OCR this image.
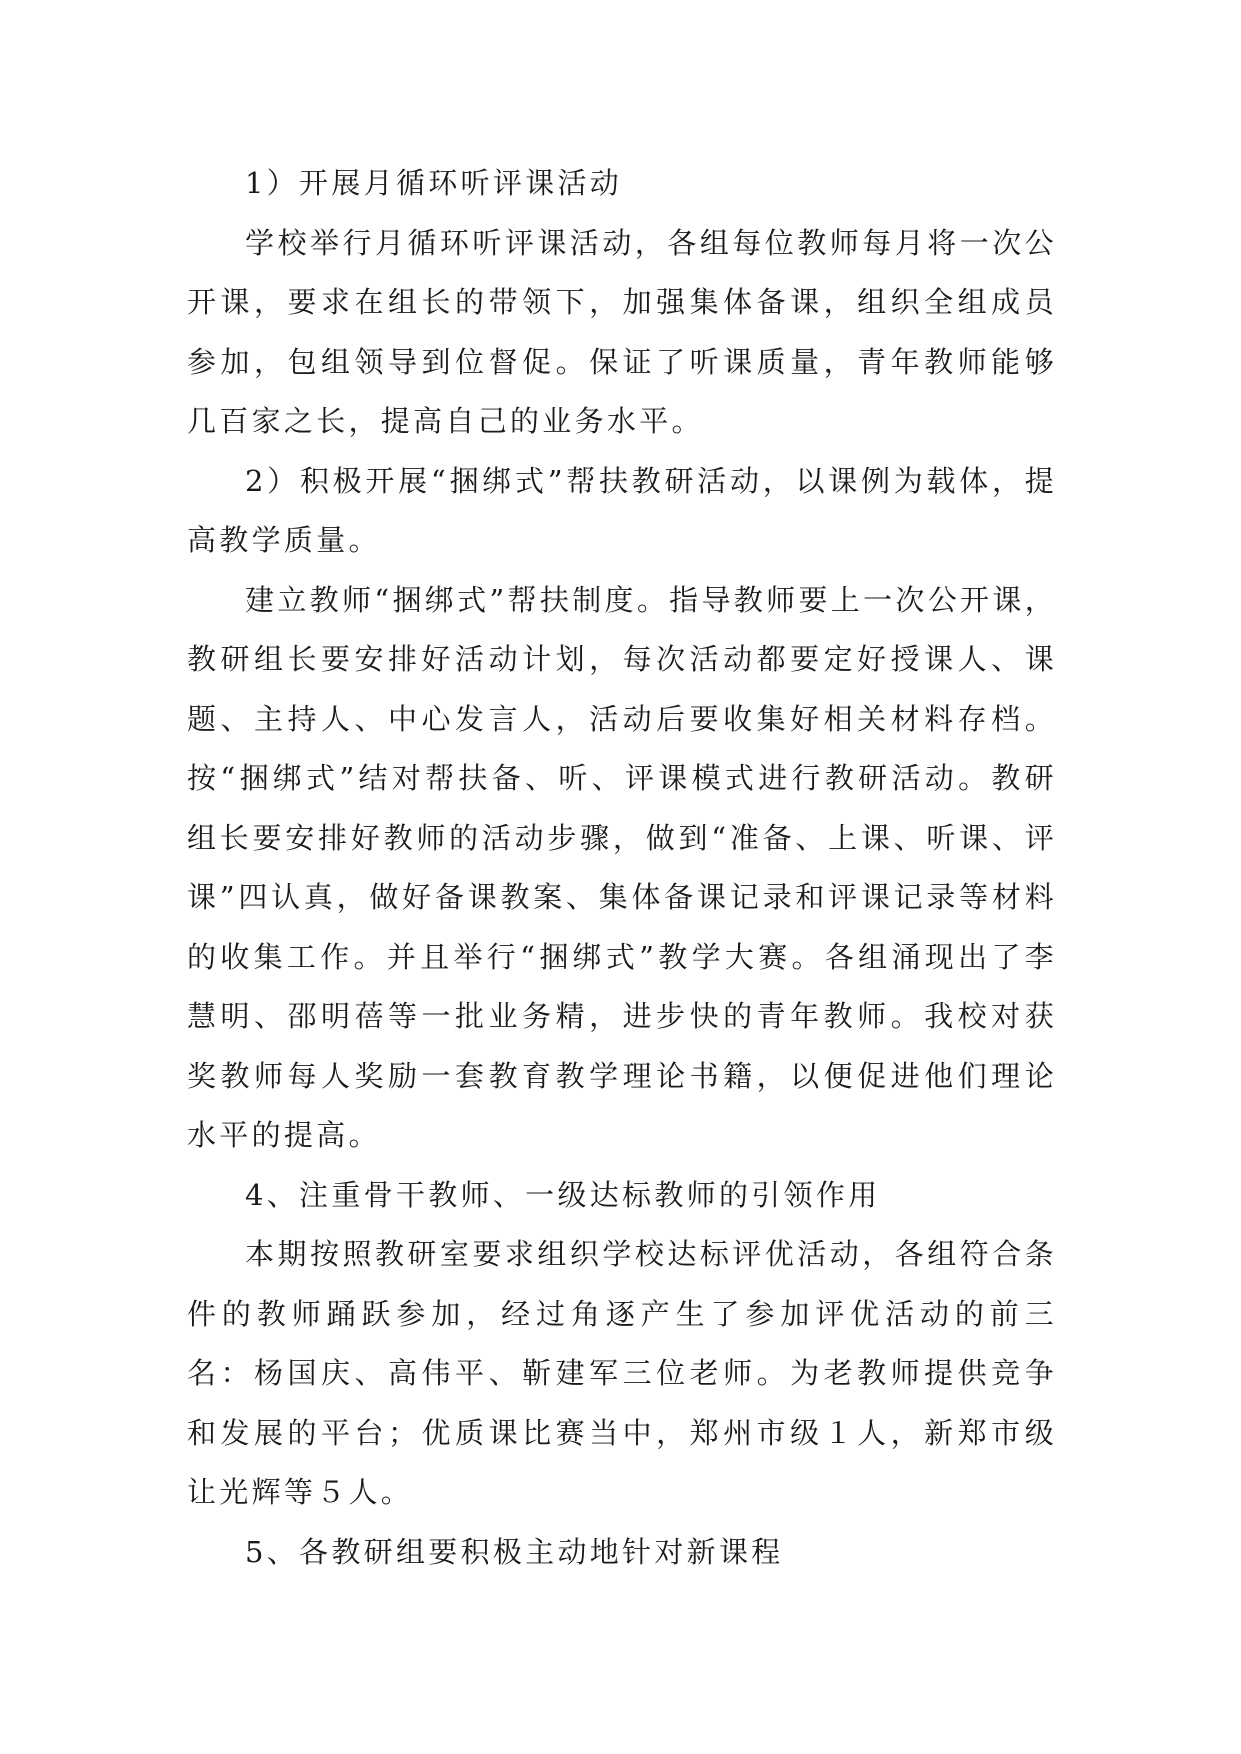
1）开展月循环听评课活动

学校举行月循环听评课活动，各组每位教师每月将一次公开课，要求在组长的带领下，加强集体备课，组织全组成员参加，包组领导到位督促。保证了听课质量，青年教师能够几百家之长，提高自己的业务水平。

2）积极开展“捆绑式”帮扶教研活动，以课例为载体，提高教学质量。

建立教师“捆绑式”帮扶制度。指导教师要上一次公开课，教研组长要安排好活动计划，每次活动都要定好授课人、课题、主持人、中心发言人，活动后要收集好相关材料存档。按“捆绑式”结对帮扶备、听、评课模式进行教研活动。教研组长要安排好教师的活动步骤，做到“准备、上课、听课、评课”四认真，做好备课教案、集体备课记录和评课记录等材料的收集工作。并且举行“捆绑式”教学大赛。各组涌现出了李慧明、邵明蓓等一批业务精，进步快的青年教师。我校对获奖教师每人奖励一套教育教学理论书籍，以便促进他们理论水平的提高。

4、注重骨干教师、一级达标教师的引领作用

本期按照教研室要求组织学校达标评优活动，各组符合条件的教师踊跃参加，经过角逐产生了参加评优活动的前三名：杨国庆、高伟平、靳建军三位老师。为老教师提供竞争和发展的平台；优质课比赛当中，郑州市级１人，新郑市级让光辉等５人。

5、各教研组要积极主动地针对新课程
